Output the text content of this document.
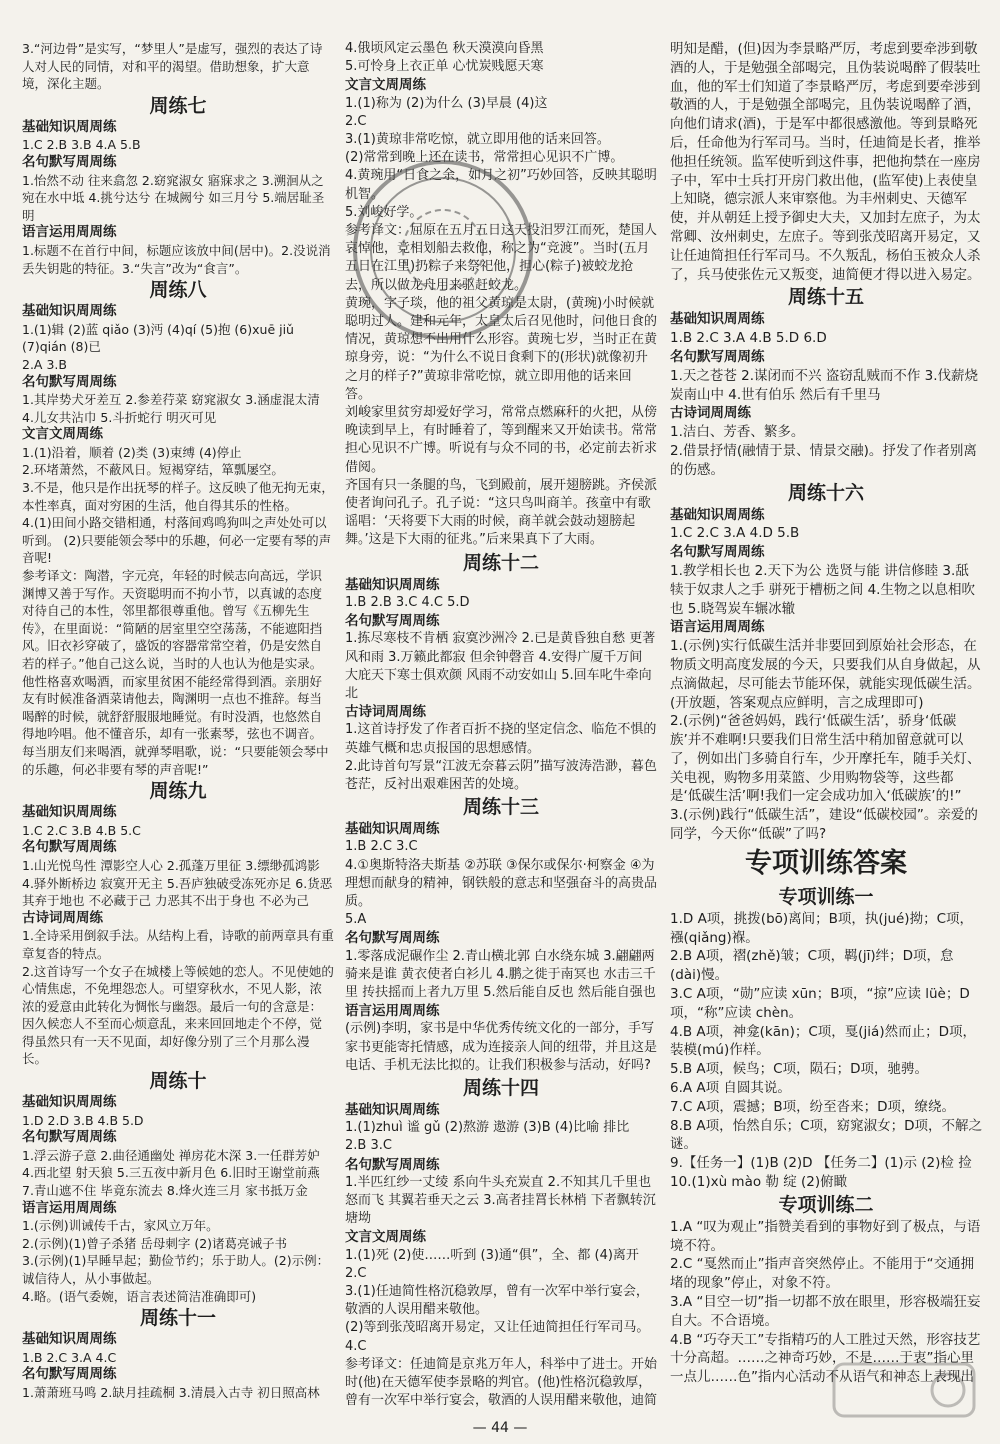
3.“河边骨”是实写，“梦里人”是虚写，强烈的表达了诗人对人民的同情，对和平的渴望。借助想象，扩大意境，深化主题。

周练七

基础知识周周练

1.C 2.B 3.B 4.A 5.B

名句默写周周练

1.怡然不动 往来翕忽 2.窈窕淑女 寤寐求之 3.溯洄从之 宛在水中坻 4.挑兮达兮 在城阙兮 如三月兮 5.端居耻圣明

语言运用周周练

1.标题不在首行中间，标题应该放中间(居中)。2.没说消丢失钥匙的特征。3.“失言”改为“食言”。

周练八

基础知识周周练

1.(1)辑 (2)蓝 qiǎo (3)沔 (4)qí (5)抱 (6)xuē jiǔ (7)qián (8)已

2.A 3.B

名句默写周周练

1.其岸势犬牙差互 2.参差荇菜 窈窕淑女 3.涵虚混太清 4.儿女共沾巾 5.斗折蛇行 明灭可见

文言文周周练

1.(1)沿着，顺着 (2)类 (3)束缚 (4)停止

2.环堵萧然，不蔽风日。短褐穿结，箪瓢屡空。

3.不是，他只是作出抚琴的样子。这反映了他无拘无束，本性率真，面对穷困的生活，他自得其乐的性格。

4.(1)田间小路交错相通，村落间鸡鸣狗叫之声处处可以听到。 (2)只要能领会琴中的乐趣，何必一定要有琴的声音呢!

参考译文：陶潜，字元亮，年轻的时候志向高远，学识渊博又善于写作。天资聪明而不拘小节，以真诚的态度对待自己的本性，邻里都很尊重他。曾写《五柳先生传》，在里面说：“简陋的居室里空空荡荡，不能遮阳挡风。旧衣衫穿破了，盛饭的容器常常空着，仍是安然自若的样子。”他自己这么说，当时的人也认为他是实录。他性格喜欢喝酒，而家里贫困不能经常得到酒。亲朋好友有时候准备酒菜请他去，陶渊明一点也不推辞。每当喝醉的时候，就舒舒服服地睡觉。有时没酒，也悠然自得地吟唱。他不懂音乐，却有一张素琴，弦也不调音。每当朋友们来喝酒，就弹琴唱歌，说：“只要能领会琴中的乐趣，何必非要有琴的声音呢!”

周练九

基础知识周周练

1.C 2.C 3.B 4.B 5.C

名句默写周周练

1.山光悦鸟性 潭影空人心 2.孤蓬万里征 3.缥缈孤鸿影 4.驿外断桥边 寂寞开无主 5.吾庐独破受冻死亦足 6.货恶其弃于地也 不必藏于己 力恶其不出于身也 不必为己

古诗词周周练

1.全诗采用倒叙手法。从结构上看，诗歌的前两章具有重章复沓的特点。

2.这首诗写一个女子在城楼上等候她的恋人。不见使她的心情焦虑，不免埋怨恋人。可望穿秋水，不见人影，浓浓的爱意由此转化为惆怅与幽怨。最后一句的含意是：因久候恋人不至而心烦意乱，来来回回地走个不停，觉得虽然只有一天不见面，却好像分别了三个月那么漫长。

周练十

基础知识周周练

1.D 2.D 3.B 4.B 5.D

名句默写周周练

1.浮云游子意 2.曲径通幽处 禅房花木深 3.一任群芳妒 4.西北望 射天狼 5.三五夜中新月色 6.旧时王谢堂前燕 7.青山遮不住 毕竟东流去 8.烽火连三月 家书抵万金

语言运用周周练

1.(示例)训诫传千古，家风立万年。

2.(示例)(1)曾子杀猪 岳母刺字 (2)诸葛亮诫子书

3.(示例)(1)早睡早起；勤俭节约；乐于助人。(2)示例：诚信待人，从小事做起。

4.略。(语气委婉，语言表述简洁准确即可)

周练十一

基础知识周周练

1.B 2.C 3.A 4.C

名句默写周周练

1.萧萧班马鸣 2.缺月挂疏桐 3.清晨入古寺 初日照高林

4.俄顷风定云墨色 秋天漠漠向昏黑

5.可怜身上衣正单 心忧炭贱愿天寒

文言文周周练

1.(1)称为 (2)为什么 (3)早晨 (4)这

2.C

3.(1)黄琼非常吃惊，就立即用他的话来回答。

(2)常常到晚上还在读书，常常担心见识不广博。

4.黄琬用“日食之余，如月之初”巧妙回答，反映其聪明机智。

5.刘峻好学。

参考译文：屈原在五月五日这天投汨罗江而死，楚国人哀悼他，竞相划船去救他，称之为“竞渡”。当时(五月五日在江里)扔粽子来祭祀他，担心(粽子)被蛟龙抢去，所以做龙舟用来驱赶蛟龙。

黄琬，字子琰，他的祖父黄琼是太尉，(黄琬)小时候就聪明过人。建和元年，太皇太后召见他时，问他日食的情况，黄琼想不出用什么形容。黄琬七岁，当时正在黄琼身旁，说：“为什么不说日食剩下的(形状)就像初升之月的样子?”黄琼非常吃惊，就立即用他的话来回答。

刘峻家里贫穷却爱好学习，常常点燃麻秆的火把，从傍晚读到早上，有时睡着了，等到醒来又开始读书。常常担心见识不广博。听说有与众不同的书，必定前去祈求借阅。

齐国有只一条腿的鸟，飞到殿前，展开翅膀跳。齐侯派使者询问孔子。孔子说：“这只鸟叫商羊。孩童中有歌谣唱：‘天将要下大雨的时候，商羊就会鼓动翅膀起舞。’这是下大雨的征兆。”后来果真下了大雨。

周练十二

基础知识周周练

1.B 2.B 3.C 4.C 5.D

名句默写周周练

1.拣尽寒枝不肯栖 寂寞沙洲冷 2.已是黄昏独自愁 更著风和雨 3.万籁此都寂 但余钟磬音 4.安得广厦千万间 大庇天下寒士俱欢颜 风雨不动安如山 5.回车叱牛牵向北

古诗词周周练

1.这首诗抒发了作者百折不挠的坚定信念、临危不惧的英雄气概和忠贞报国的思想感情。

2.此诗首句写景“江波无奈暮云阴”描写波涛浩渺，暮色苍茫，反衬出艰难困苦的处境。

周练十三

基础知识周周练

1.B 2.C 3.C

4.①奥斯特洛夫斯基 ②苏联 ③保尔或保尔·柯察金 ④为理想而献身的精神，钢铁般的意志和坚强奋斗的高贵品质。

5.A

名句默写周周练

1.零落成泥碾作尘 2.青山横北郭 白水绕东城 3.翩翩两骑来是谁 黄衣使者白衫儿 4.鹏之徙于南冥也 水击三千里 抟扶摇而上者九万里 5.然后能自反也 然后能自强也

语言运用周周练

(示例)李明，家书是中华优秀传统文化的一部分，手写家书更能寄托情感，成为连接亲人间的纽带，并且这是电话、手机无法比拟的。让我们积极参与活动，好吗?

周练十四

基础知识周周练

1.(1)zhuì 谧 gǔ (2)熬游 遨游 (3)B (4)比喻 排比

2.B 3.C

名句默写周周练

1.半匹红纱一丈绫 系向牛头充炭直 2.不知其几千里也 怒而飞 其翼若垂天之云 3.高者挂罥长林梢 下者飘转沉塘坳

文言文周周练

1.(1)死 (2)使……听到 (3)通“俱”，全、都 (4)离开

2.C

3.(1)任迪简性格沉稳敦厚，曾有一次军中举行宴会，敬酒的人误用醋来敬他。

(2)等到张茂昭离开易定，又让任迪简担任行军司马。

4.C

参考译文：任迪简是京兆万年人，科举中了进士。开始时(他)在天德军使李景略的判官。(他)性格沉稳敦厚，曾有一次军中举行宴会，敬酒的人误用醋来敬他，迪简

明知是醋，(但)因为李景略严厉，考虑到要牵涉到敬酒的人，于是勉强全部喝完，且伪装说喝醉了假装吐血，他的军士们知道了李景略严厉，考虑到要牵涉到敬酒的人，于是勉强全部喝完，且伪装说喝醉了酒，向他们请求(酒)，于是军中都很感激他。等到景略死后，任命他为行军司马。当时，任迪简是长者，推举他担任统领。监军使听到这件事，把他拘禁在一座房子中，军中士兵打开房门救出他，(监军使)上表使皇上知晓，德宗派人来审察他。为丰州刺史、天德军使，并从朝廷上授予御史大夫，又加封左庶子，为太常卿、汝州刺史，左庶子。等到张茂昭离开易定，又让任迪简担任行军司马。不久叛乱，杨伯玉被众人杀了，兵马使张佐元又叛变，迪简便才得以进入易定。

周练十五

基础知识周周练

1.B 2.C 3.A 4.B 5.D 6.D

名句默写周周练

1.天之苍苍 2.谋闭而不兴 盗窃乱贼而不作 3.伐薪烧炭南山中 4.世有伯乐 然后有千里马

古诗词周周练

1.洁白、芳香、繁多。

2.借景抒情(融情于景、情景交融)。抒发了作者别离的伤感。

周练十六

基础知识周周练

1.C 2.C 3.A 4.D 5.B

名句默写周周练

1.教学相长也 2.天下为公 选贤与能 讲信修睦 3.舐犊于奴隶人之手 骈死于槽枥之间 4.生物之以息相吹也 5.晓驾炭车辗冰辙

语言运用周周练

1.(示例)实行低碳生活并非要回到原始社会形态，在物质文明高度发展的今天，只要我们从自身做起，从点滴做起，尽可能去节能环保，就能实现低碳生活。(开放题，答案观点应鲜明，言之成理即可)

2.(示例)“爸爸妈妈，践行‘低碳生活’，骄身‘低碳族’并不难啊!只要我们日常生活中稍加留意就可以了，例如出门多骑自行车，少开摩托车，随手关灯、关电视，购物多用菜篮、少用购物袋等，这些都是‘低碳生活’啊!我们一定会成功加入‘低碳族’的!”

3.(示例)践行“低碳生活”，建设“低碳校园”。亲爱的同学，今天你“低碳”了吗?

专项训练答案

专项训练一

1.D A项，挑拨(bō)离间；B项，执(jué)拗；C项，襁(qiǎng)褓。

2.B A项，褶(zhě)皱；C项，羁(jī)绊；D项，怠(dài)慢。

3.C A项，“勋”应读 xūn；B项，“掠”应读 lüè；D项，“称”应读 chèn。

4.B A项，神龛(kān)；C项，戛(jiá)然而止；D项，装模(mú)作样。

5.B A项，候鸟；C项，陨石；D项，驰骋。

6.A A项 自圆其说。

7.C A项，震撼；B项，纷至沓来；D项，缭绕。

8.B A项，怡然自乐；C项，窈窕淑女；D项，不解之谜。

9.【任务一】(1)B (2)D 【任务二】(1)示 (2)检 捡

10.(1)xù mào 勒 绽 (2)俯瞰

专项训练二

1.A “叹为观止”指赞美看到的事物好到了极点，与语境不符。

2.C “戛然而止”指声音突然停止。不能用于“交通拥堵的现象”停止，对象不符。

3.A “目空一切”指一切都不放在眼里，形容极端狂妄自大。不合语境。

4.B “巧夺天工”专指精巧的人工胜过天然，形容技艺十分高超。……之神奇巧妙，不是……于衷”指心里一点儿……色”指内心活动不从语气和神态上表现出

— 44 —
